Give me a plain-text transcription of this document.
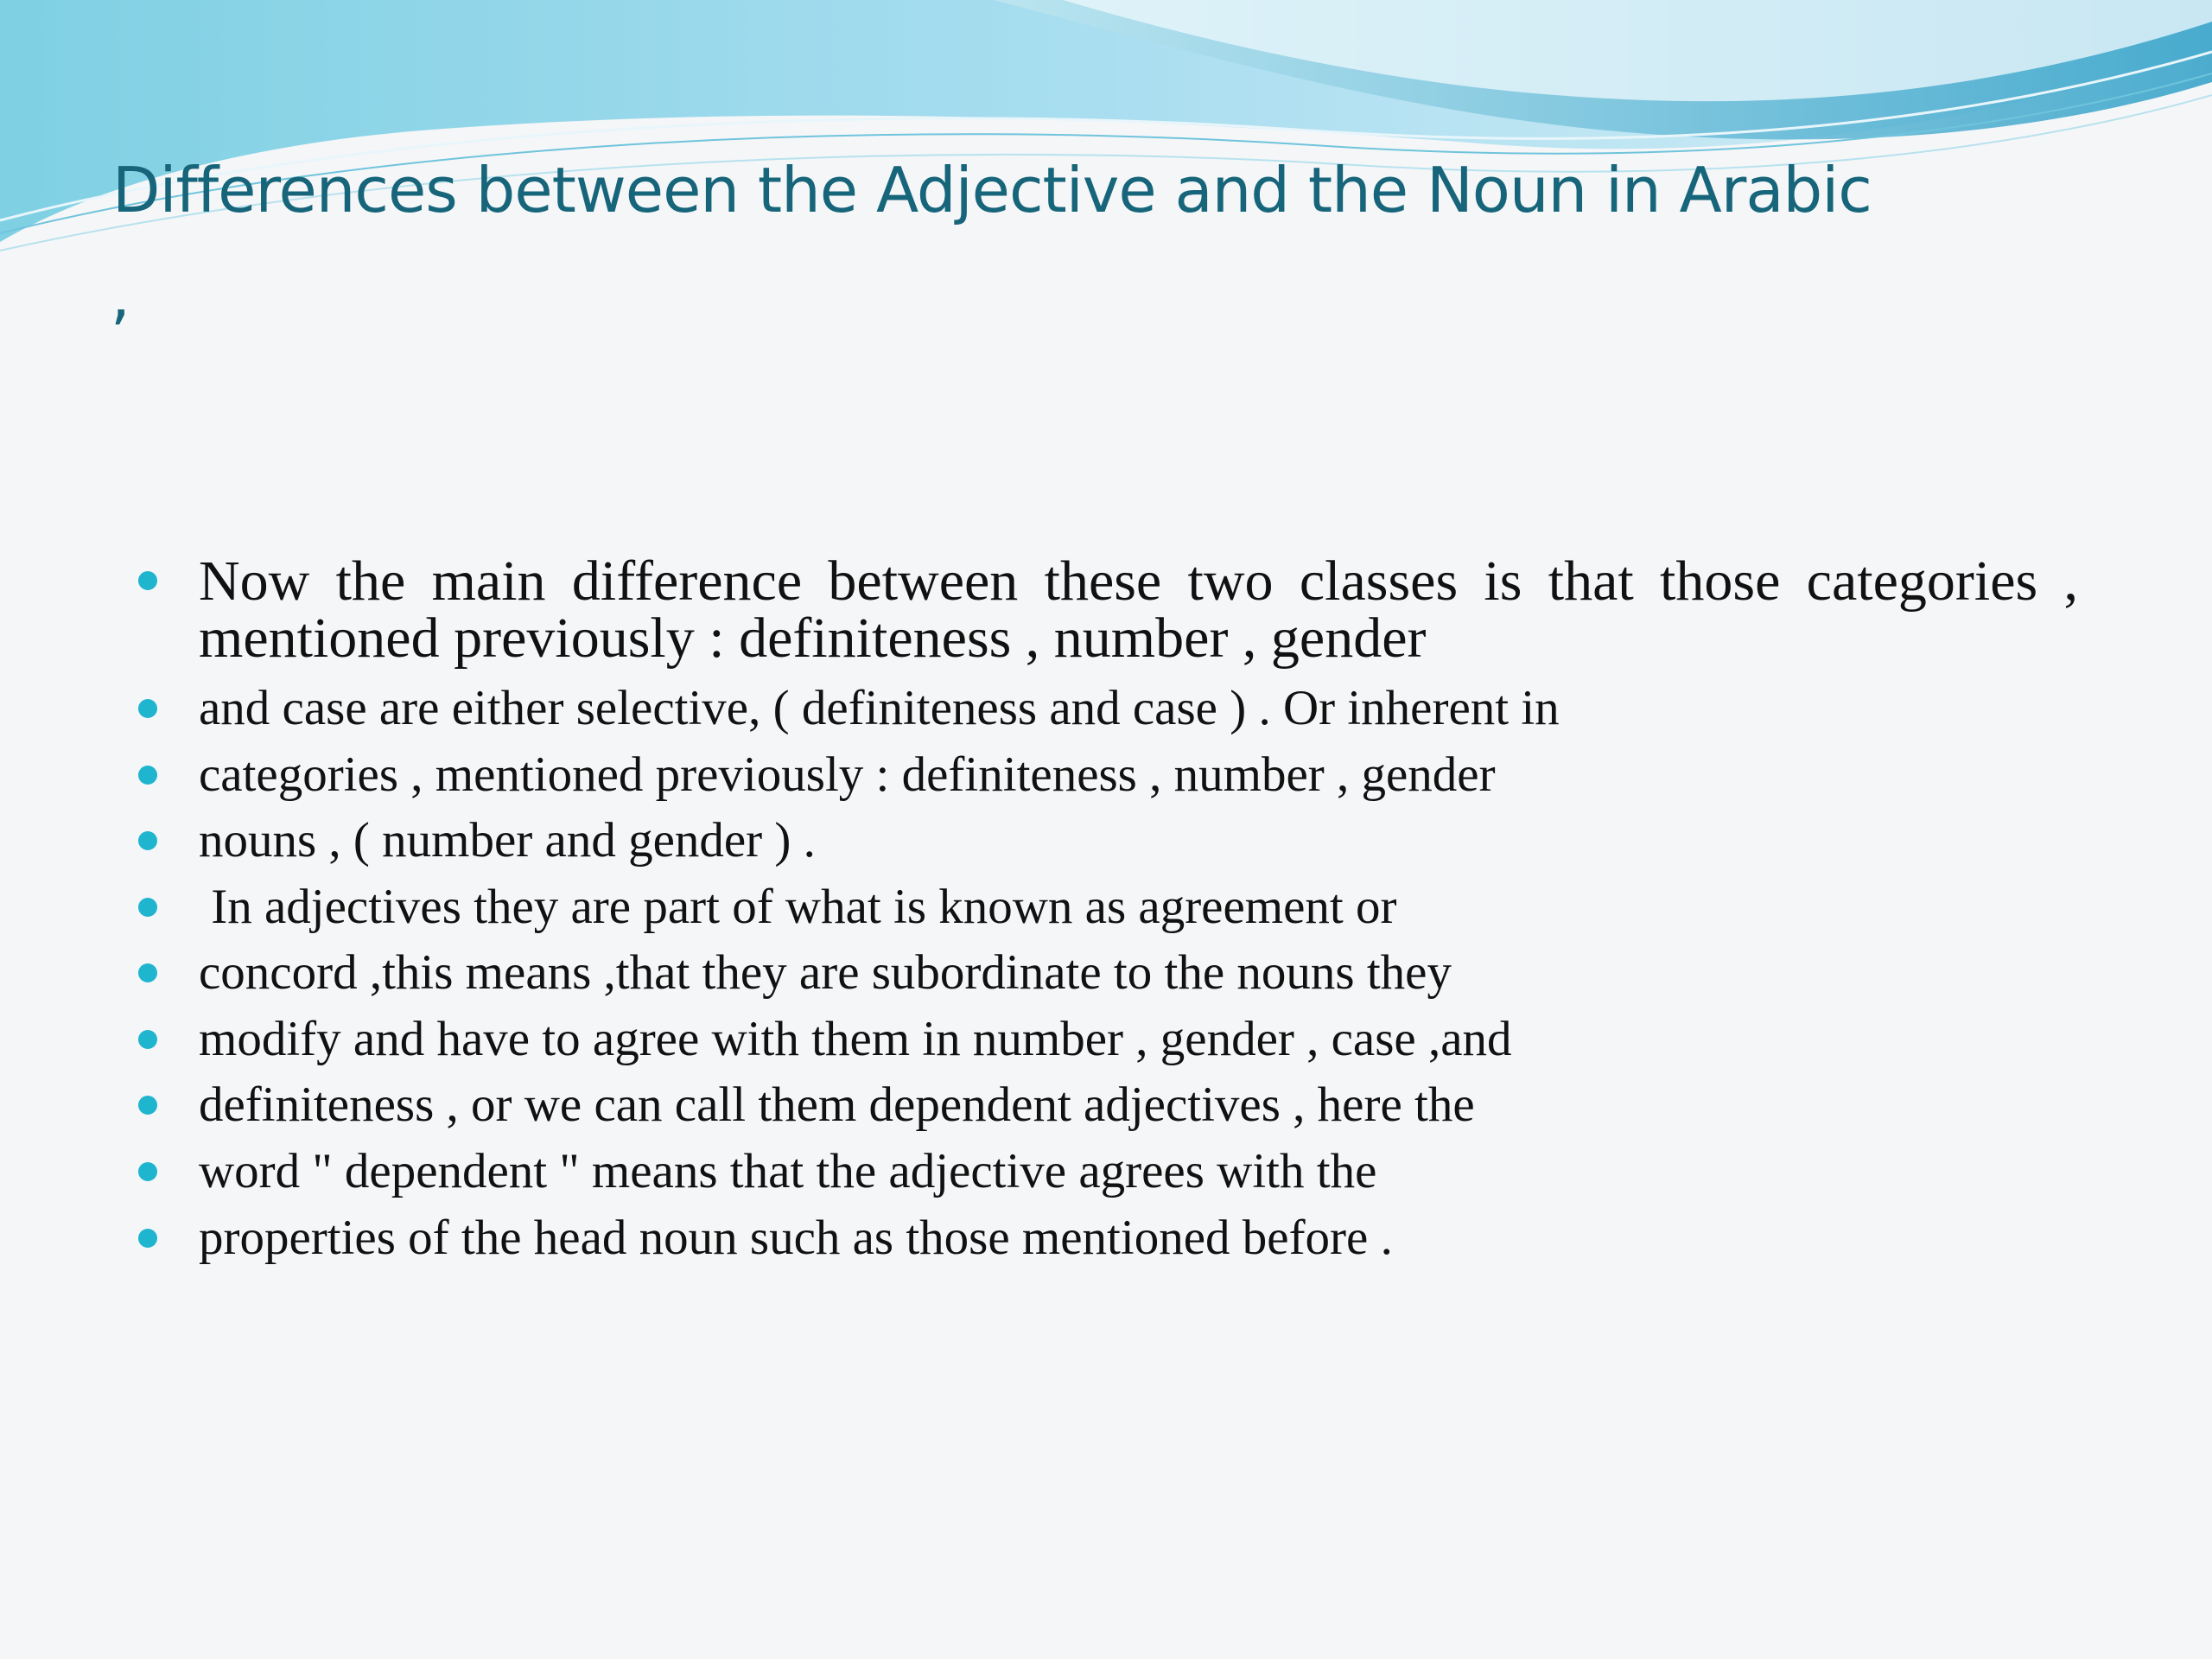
Differences between the Adjective and the Noun in Arabic
,
Now the main difference between these two classes is that those categories , mentioned previously : definiteness , number , gender
and case are either selective, ( definiteness and case ) . Or inherent in
categories , mentioned previously : definiteness , number , gender
nouns , ( number and gender ) .
In adjectives they are part of what is known as agreement or
concord ,this means ,that they are subordinate to the nouns they
modify and have to agree with them in number , gender , case ,and
definiteness , or we can call them dependent adjectives , here the
word " dependent " means that the adjective agrees with the
properties of the head noun such as those mentioned before .
